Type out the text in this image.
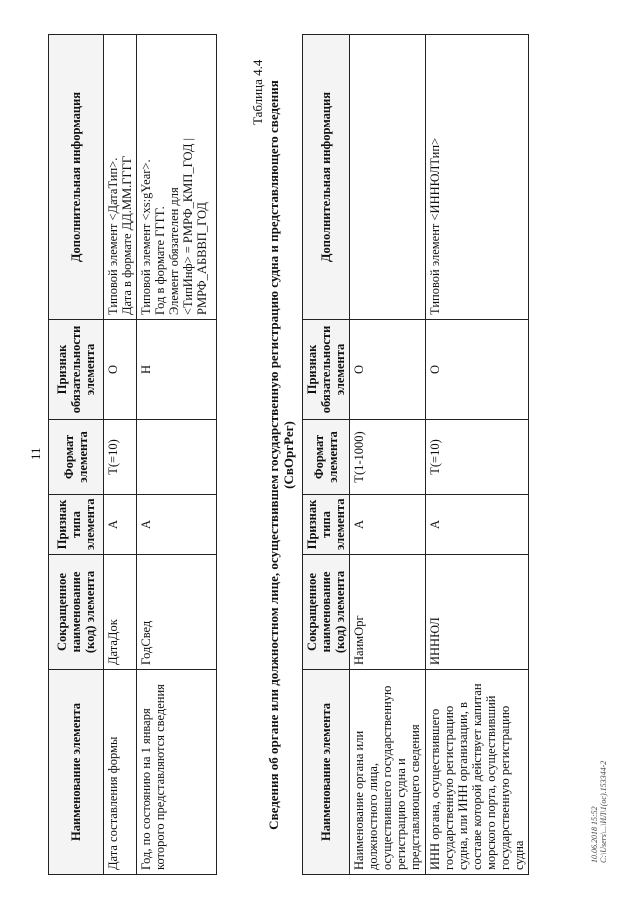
11
Наименование элемента	Сокращенное наименование (код) элемента	Признак типа элемента	Формат элемента	Признак обязательности элемента	Дополнительная информация
Дата составления формы	ДатаДок	А	Т(=10)	О	Типовой элемент <ДатаТип>. Дата в формате ДД.ММ.ГГГГ

Год, по состоянию на 1 января которого представляются сведения	ГодСвед	А		Н	Типовой элемент <xs:gYear>. Год в формате ГГГГ. Элемент обязателен для <ТипИнф> = РМРФ_КМП_ГОД | РМРФ_АБВВП_ГОД
Таблица 4.4 Сведения об органе или должностном лице, осуществившем государственную регистрацию судна и представляющего сведения (СвОргРег)
Наименование элемента	Сокращенное наименование (код) элемента	Признак типа элемента	Формат элемента	Признак обязательности элемента	Дополнительная информация
Наименование органа или должностного лица, осуществившего государственную регистрацию судна и представляющего сведения	НаимОрг	А	Т(1-1000)	О	
ИНН органа, осуществившего государственную регистрацию судна, или ИНН организации, в составе которой действует капитан морского порта, осуществивший государственную регистрацию судна	ИННЮЛ	А	Т(=10)	О	Типовой элемент <ИННЮЛТип>
10.06.2018 15:52 C:\Users\...\ИЛ\1(ос).153344-2
